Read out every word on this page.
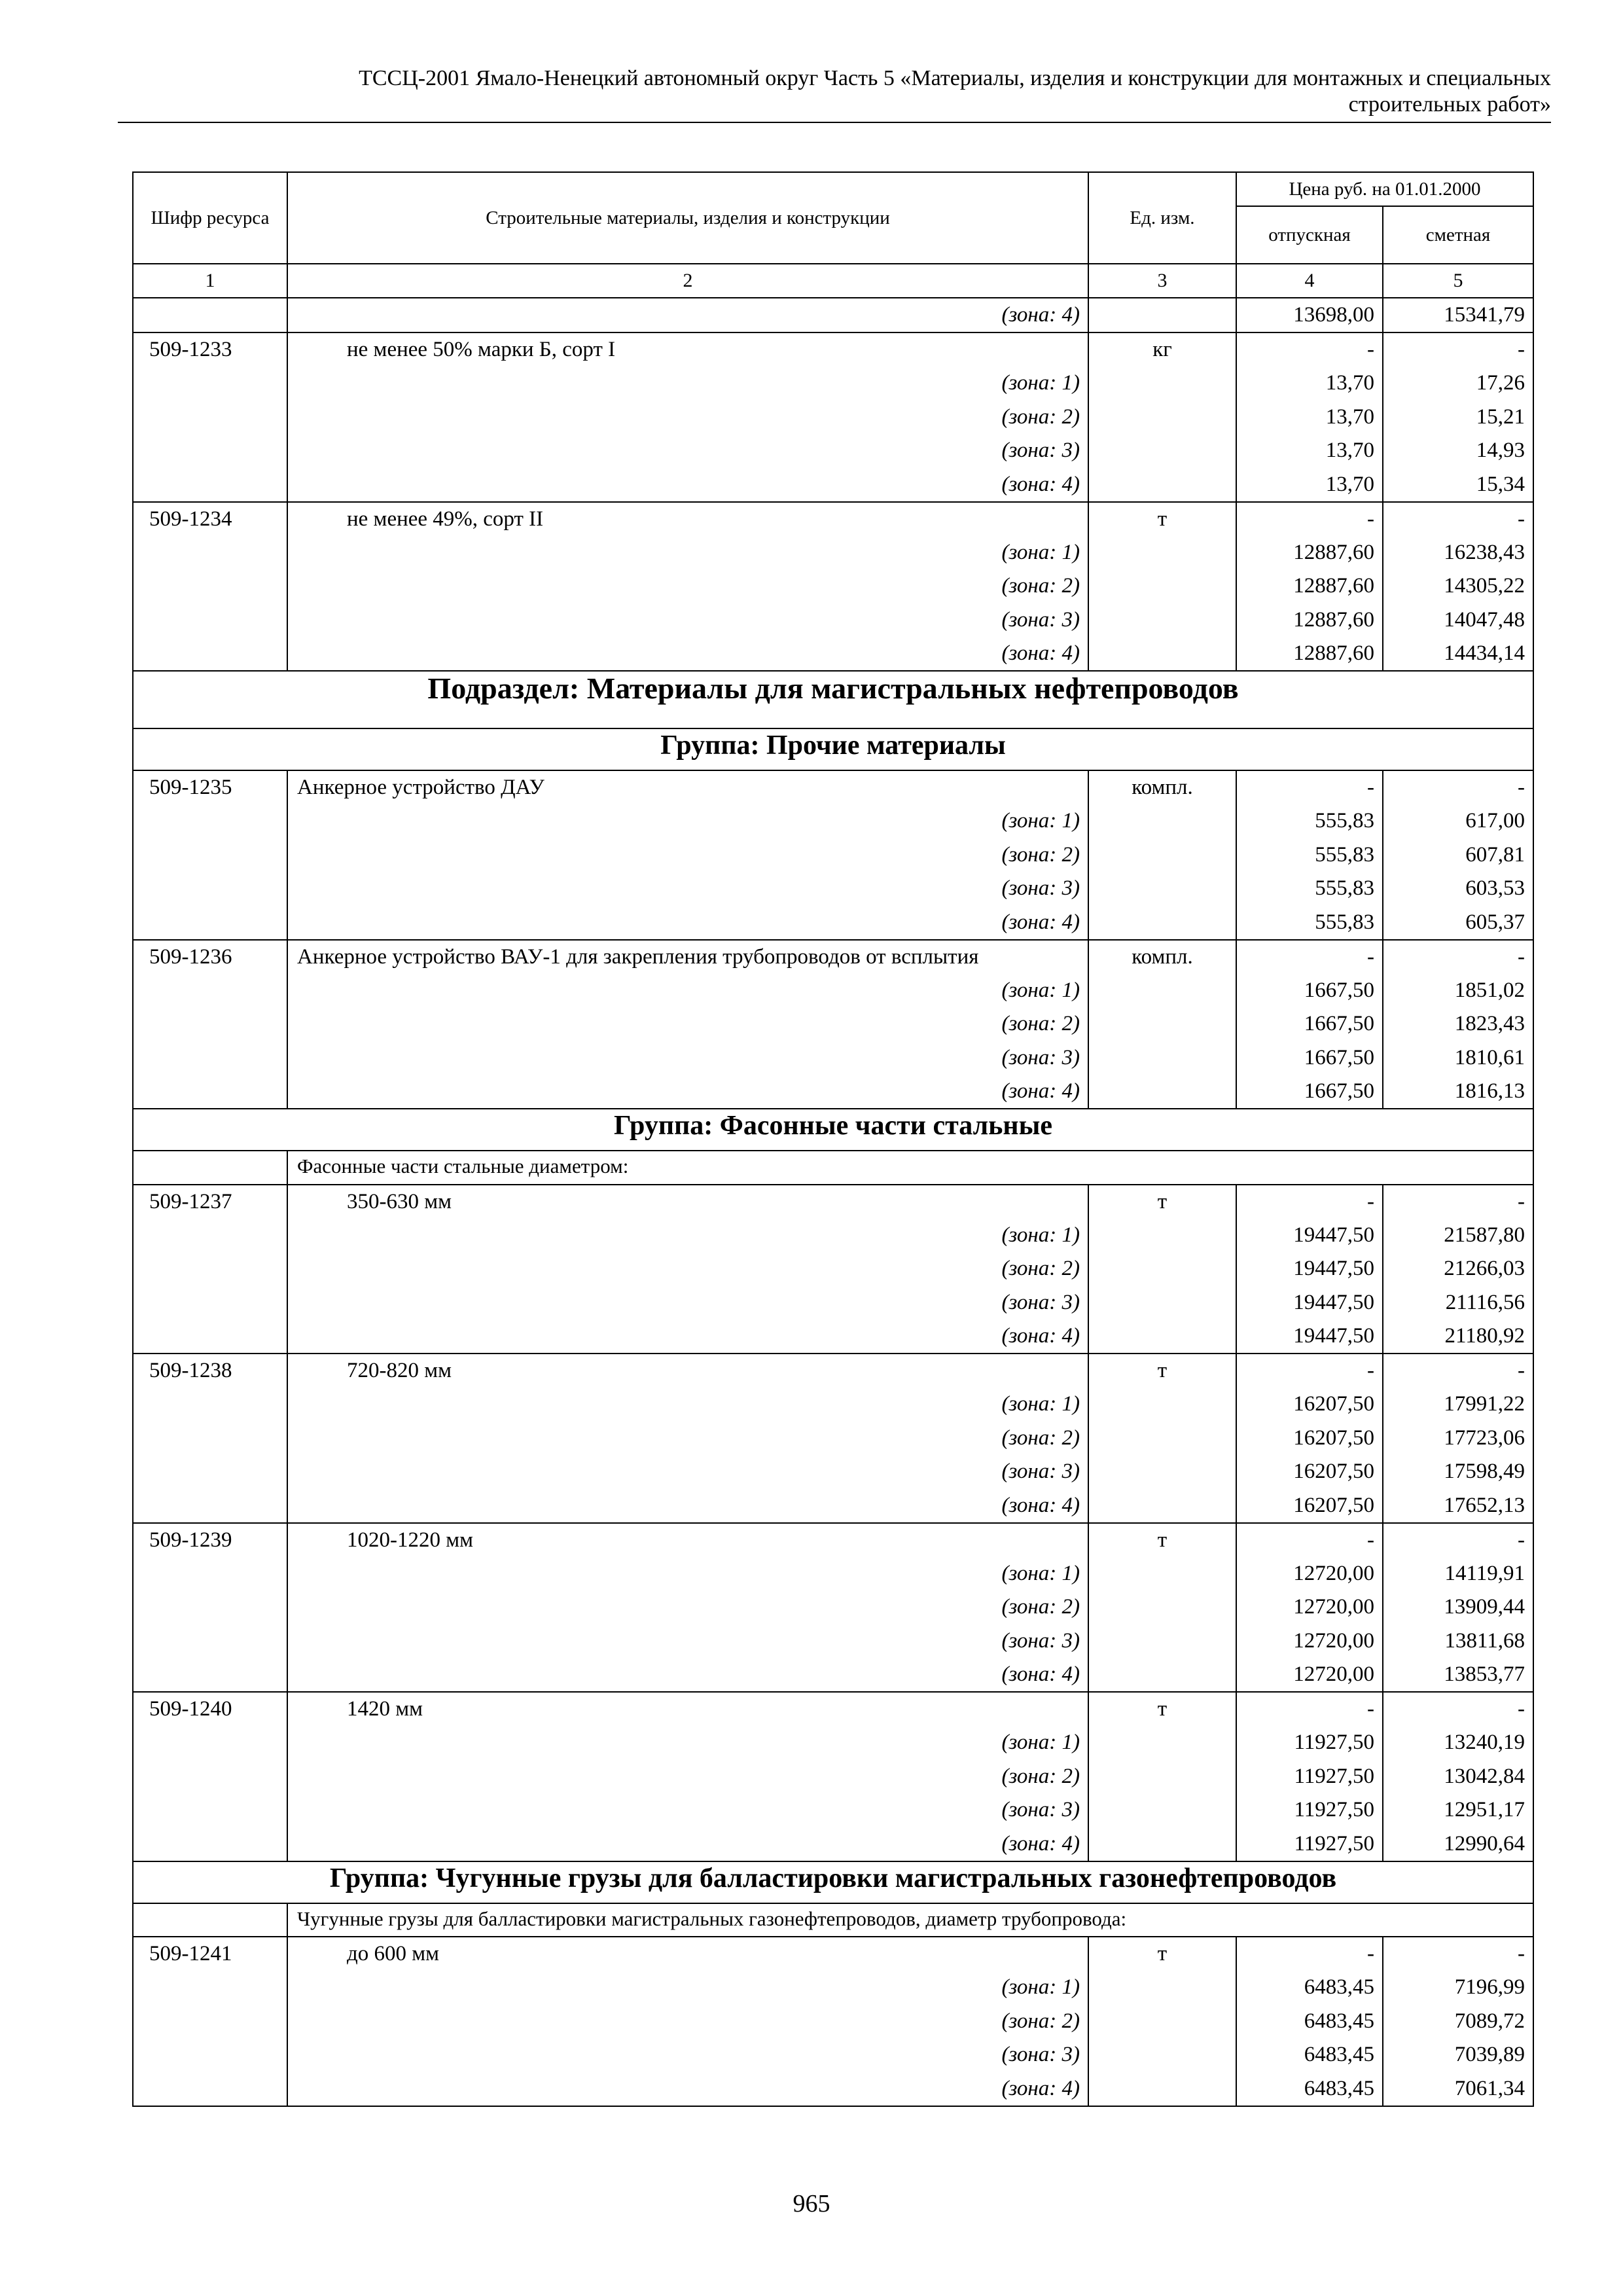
ТССЦ-2001 Ямало-Ненецкий автономный округ Часть 5 «Материалы, изделия и конструкции для монтажных и специальных
строительных работ»
Шифр ресурса	Строительные материалы, изделия и конструкции	Ед. изм.	Цена руб. на 01.01.2000	
			отпускная	сметная
1	2	3	4	5
	(зона: 4)		13698,00	15341,79
509-1233	не менее 50% марки Б, сорт I	кг	-	-
	(зона: 1)		13,70	17,26
	(зона: 2)		13,70	15,21
	(зона: 3)		13,70	14,93
	(зона: 4)		13,70	15,34
509-1234	не менее 49%, сорт II	т	-	-
	(зона: 1)		12887,60	16238,43
	(зона: 2)		12887,60	14305,22
	(зона: 3)		12887,60	14047,48
	(зона: 4)		12887,60	14434,14
Подраздел: Материалы для магистральных нефтепроводов				
Группа: Прочие материалы				
509-1235	Анкерное устройство ДАУ	компл.	-	-
	(зона: 1)		555,83	617,00
	(зона: 2)		555,83	607,81
	(зона: 3)		555,83	603,53
	(зона: 4)		555,83	605,37
509-1236	Анкерное устройство ВАУ-1 для закрепления трубопроводов от всплытия	компл.	-	-
	(зона: 1)		1667,50	1851,02
	(зона: 2)		1667,50	1823,43
	(зона: 3)		1667,50	1810,61
	(зона: 4)		1667,50	1816,13
Группа: Фасонные части стальные				
	Фасонные части стальные диаметром:			
509-1237	350-630 мм	т	-	-
	(зона: 1)		19447,50	21587,80
	(зона: 2)		19447,50	21266,03
	(зона: 3)		19447,50	21116,56
	(зона: 4)		19447,50	21180,92
509-1238	720-820 мм	т	-	-
	(зона: 1)		16207,50	17991,22
	(зона: 2)		16207,50	17723,06
	(зона: 3)		16207,50	17598,49
	(зона: 4)		16207,50	17652,13
509-1239	1020-1220 мм	т	-	-
	(зона: 1)		12720,00	14119,91
	(зона: 2)		12720,00	13909,44
	(зона: 3)		12720,00	13811,68
	(зона: 4)		12720,00	13853,77
509-1240	1420 мм	т	-	-
	(зона: 1)		11927,50	13240,19
	(зона: 2)		11927,50	13042,84
	(зона: 3)		11927,50	12951,17
	(зона: 4)		11927,50	12990,64
Группа: Чугунные грузы для балластировки магистральных газонефтепроводов				
	Чугунные грузы для балластировки магистральных газонефтепроводов, диаметр трубопровода:			
509-1241	до 600 мм	т	-	-
	(зона: 1)		6483,45	7196,99
	(зона: 2)		6483,45	7089,72
	(зона: 3)		6483,45	7039,89
	(зона: 4)		6483,45	7061,34
965
